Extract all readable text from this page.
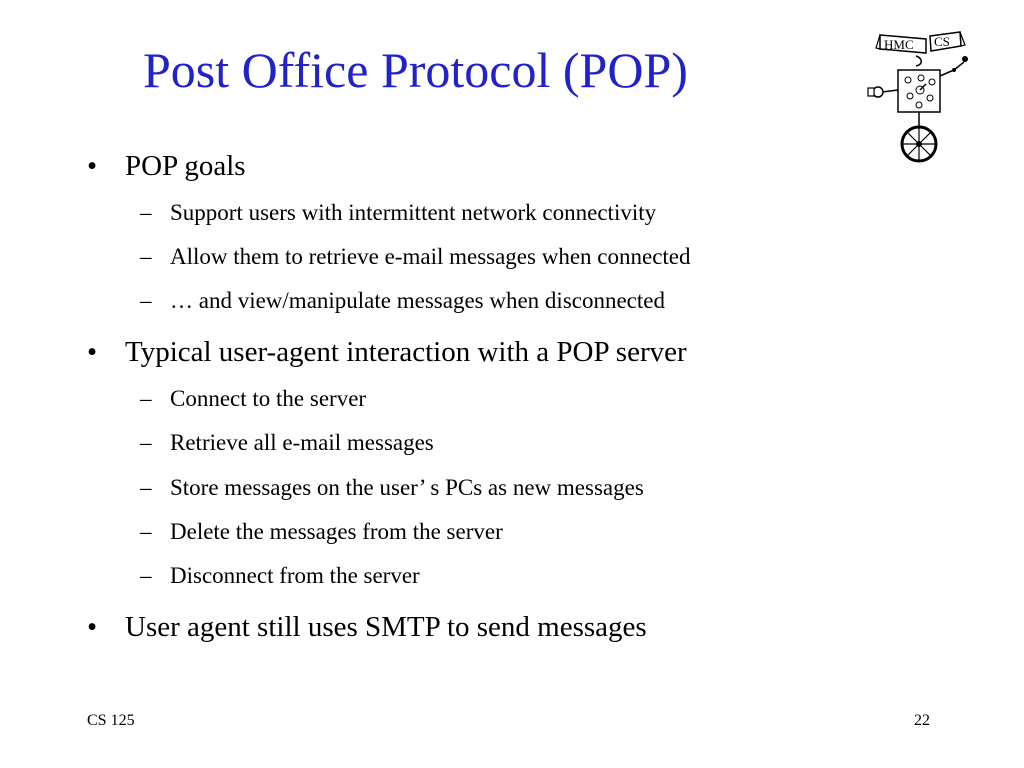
Post Office Protocol (POP)
• POP goals
– Support users with intermittent network connectivity
– Allow them to retrieve e-mail messages when connected
– … and view/manipulate messages when disconnected
• Typical user-agent interaction with a POP server
– Connect to the server
– Retrieve all e-mail messages
– Store messages on the user’ s PCs as new messages
– Delete the messages from the server
– Disconnect from the server
• User agent still uses SMTP to send messages
HMC CS
CS 125	22
